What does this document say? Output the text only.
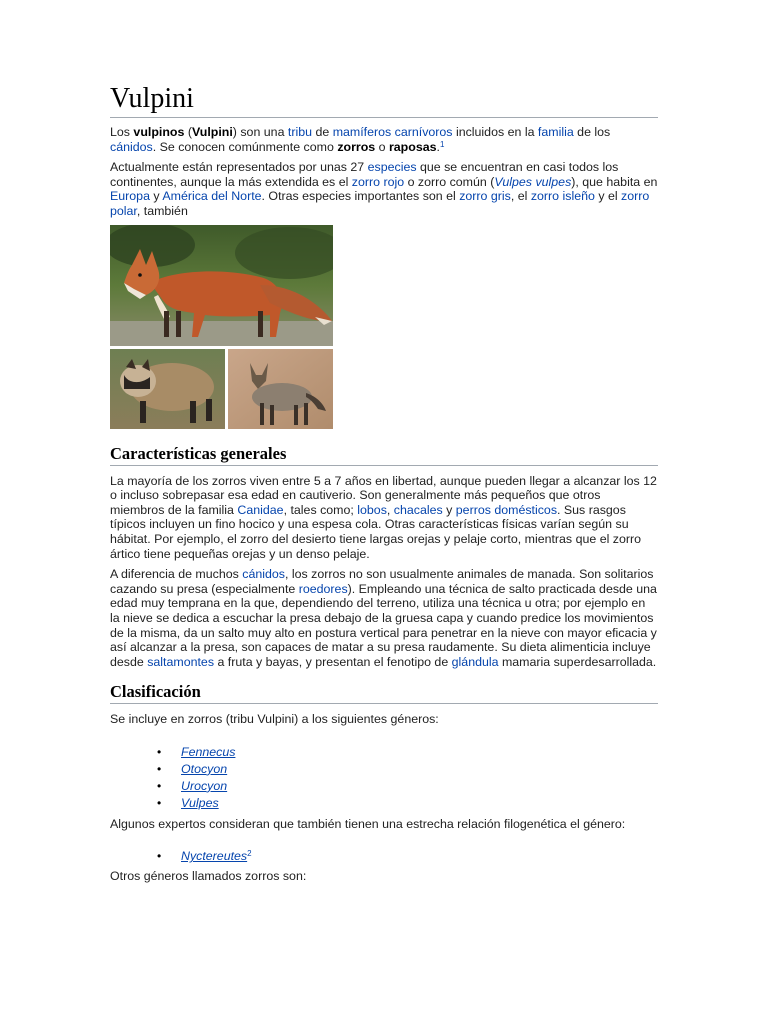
Vulpini

Los vulpinos (Vulpini) son una tribu de mamíferos carnívoros incluidos en la familia de los cánidos. Se conocen comúnmente como zorros o raposas.$^1$

Actualmente están representados por unas 27 especies que se encuentran en casi todos los continentes, aunque la más extendida es el zorro rojo o zorro común (Vulpes vulpes), que habita en Europa y América del Norte. Otras especies importantes son el zorro gris, el zorro isleño y el zorro polar, también

Características generales

La mayoría de los zorros viven entre 5 a 7 años en libertad, aunque pueden llegar a alcanzar los 12 o incluso sobrepasar esa edad en cautiverio. Son generalmente más pequeños que otros miembros de la familia Canidae, tales como; lobos, chacales y perros domésticos. Sus rasgos típicos incluyen un fino hocico y una espesa cola. Otras características físicas varían según su hábitat. Por ejemplo, el zorro del desierto tiene largas orejas y pelaje corto, mientras que el zorro ártico tiene pequeñas orejas y un denso pelaje.

A diferencia de muchos cánidos, los zorros no son usualmente animales de manada. Son solitarios cazando su presa (especialmente roedores). Empleando una técnica de salto practicada desde una edad muy temprana en la que, dependiendo del terreno, utiliza una técnica u otra; por ejemplo en la nieve se dedica a escuchar la presa debajo de la gruesa capa y cuando predice los movimientos de la misma, da un salto muy alto en postura vertical para penetrar en la nieve con mayor eficacia y así alcanzar a la presa, son capaces de matar a su presa raudamente. Su dieta alimenticia incluye desde saltamontes a fruta y bayas, y presentan el fenotipo de glándula mamaria superdesarrollada.

Clasificación

Se incluye en zorros (tribu Vulpini) a los siguientes géneros:

• Fennecus
• Otocyon
• Urocyon
• Vulpes

Algunos expertos consideran que también tienen una estrecha relación filogenética el género:

• Nyctereutes$^2$

Otros géneros llamados zorros son:
